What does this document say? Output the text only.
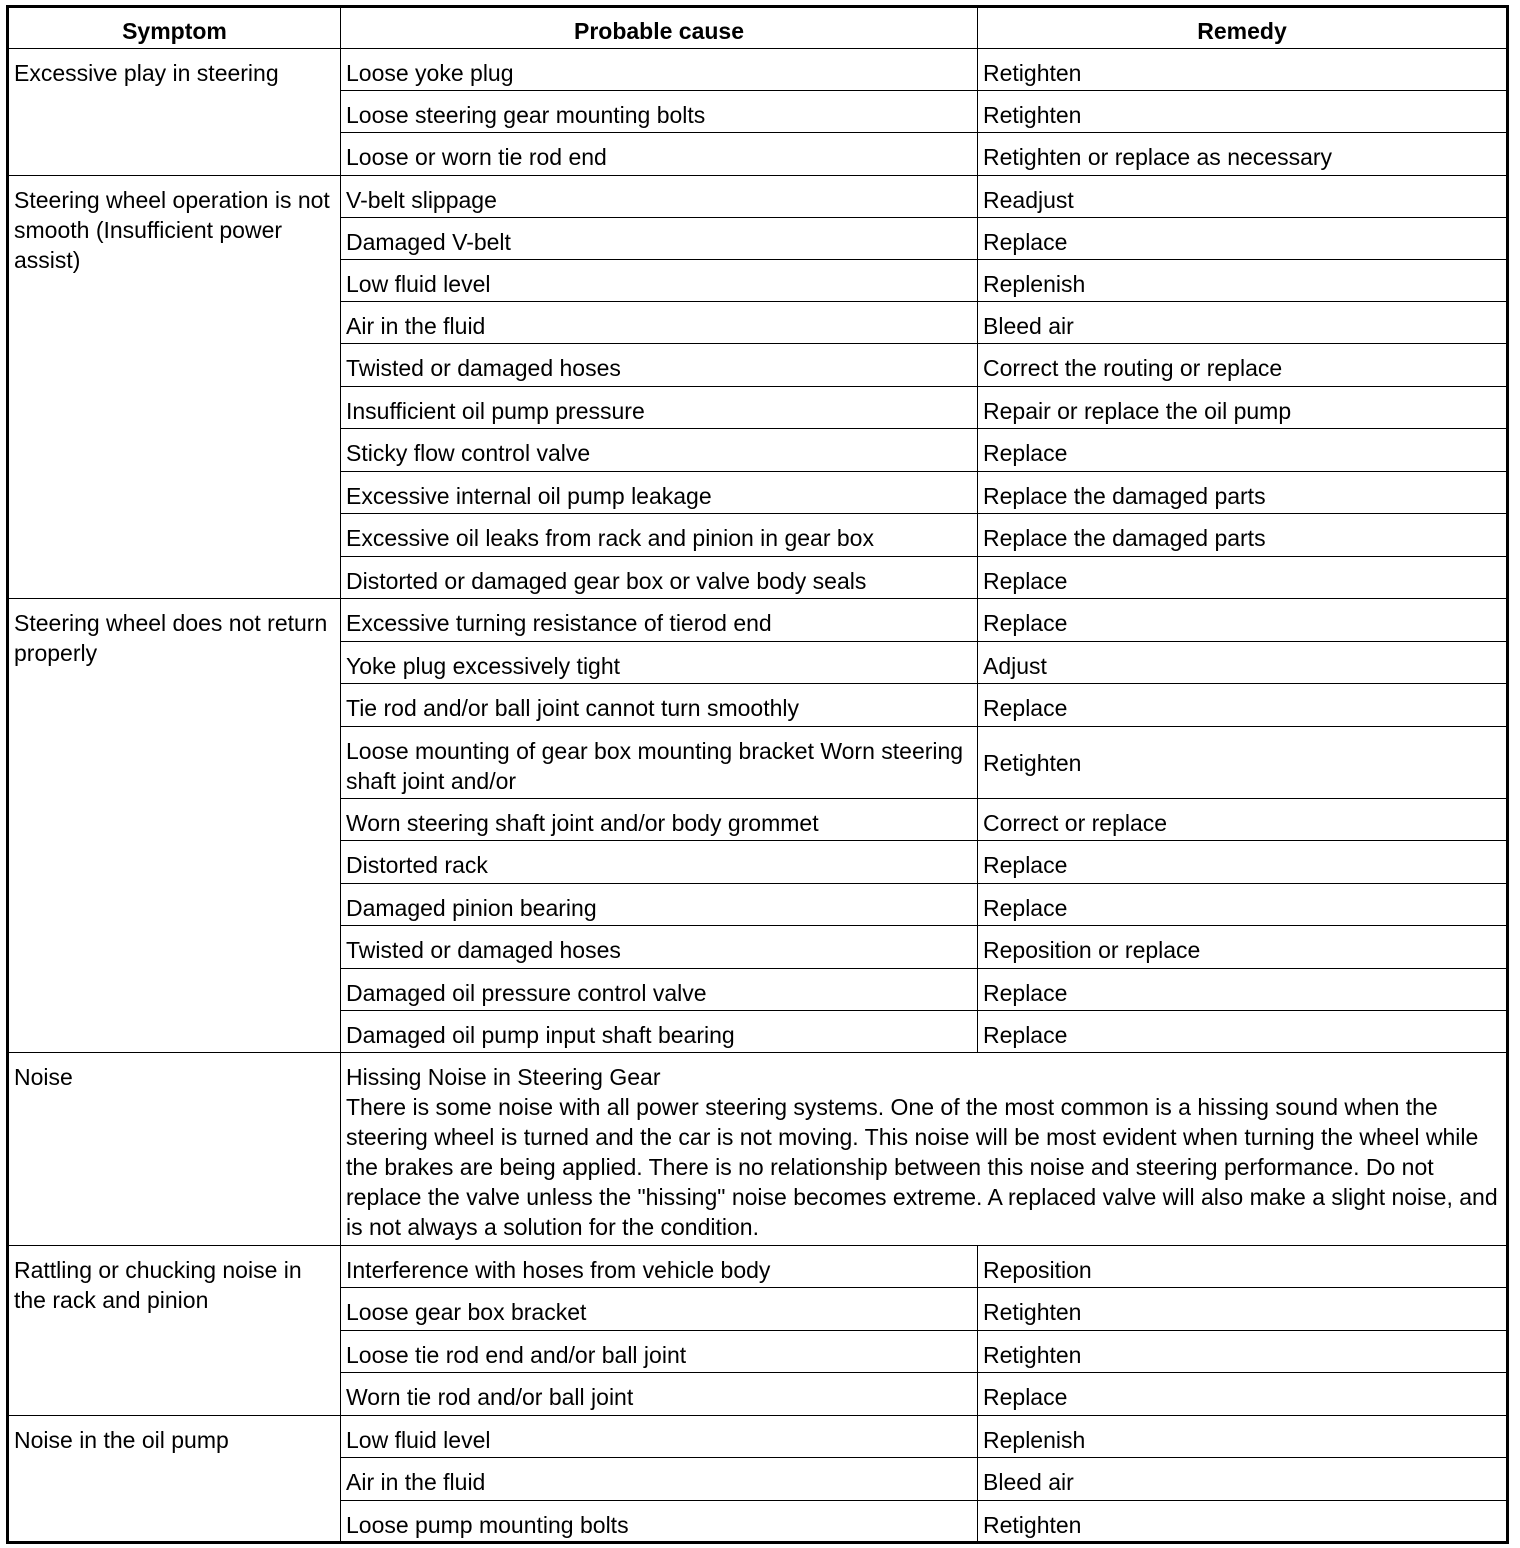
Symptom	Probable cause	Remedy
Excessive play in steering	Loose yoke plug	Retighten
	Loose steering gear mounting bolts	Retighten
	Loose or worn tie rod end	Retighten or replace as necessary
Steering wheel operation is not smooth (Insufficient power assist)	V-belt slippage	Readjust
	Damaged V-belt	Replace
	Low fluid level	Replenish
	Air in the fluid	Bleed air
	Twisted or damaged hoses	Correct the routing or replace
	Insufficient oil pump pressure	Repair or replace the oil pump
	Sticky flow control valve	Replace
	Excessive internal oil pump leakage	Replace the damaged parts
	Excessive oil leaks from rack and pinion in gear box	Replace the damaged parts
	Distorted or damaged gear box or valve body seals	Replace
Steering wheel does not return properly	Excessive turning resistance of tierod end	Replace
	Yoke plug excessively tight	Adjust
	Tie rod and/or ball joint cannot turn smoothly	Replace
	Loose mounting of gear box mounting bracket Worn steering shaft joint and/or	Retighten
	Worn steering shaft joint and/or body grommet	Correct or replace
	Distorted rack	Replace
	Damaged pinion bearing	Replace
	Twisted or damaged hoses	Reposition or replace
	Damaged oil pressure control valve	Replace
	Damaged oil pump input shaft bearing	Replace
Noise	Hissing Noise in Steering Gear
There is some noise with all power steering systems. One of the most common is a hissing sound when the steering wheel is turned and the car is not moving. This noise will be most evident when turning the wheel while the brakes are being applied. There is no relationship between this noise and steering performance. Do not replace the valve unless the "hissing" noise becomes extreme. A replaced valve will also make a slight noise, and is not always a solution for the condition.	

Rattling or chucking noise in the rack and pinion	Interference with hoses from vehicle body	Reposition
	Loose gear box bracket	Retighten
	Loose tie rod end and/or ball joint	Retighten
	Worn tie rod and/or ball joint	Replace
Noise in the oil pump	Low fluid level	Replenish
	Air in the fluid	Bleed air
	Loose pump mounting bolts	Retighten
